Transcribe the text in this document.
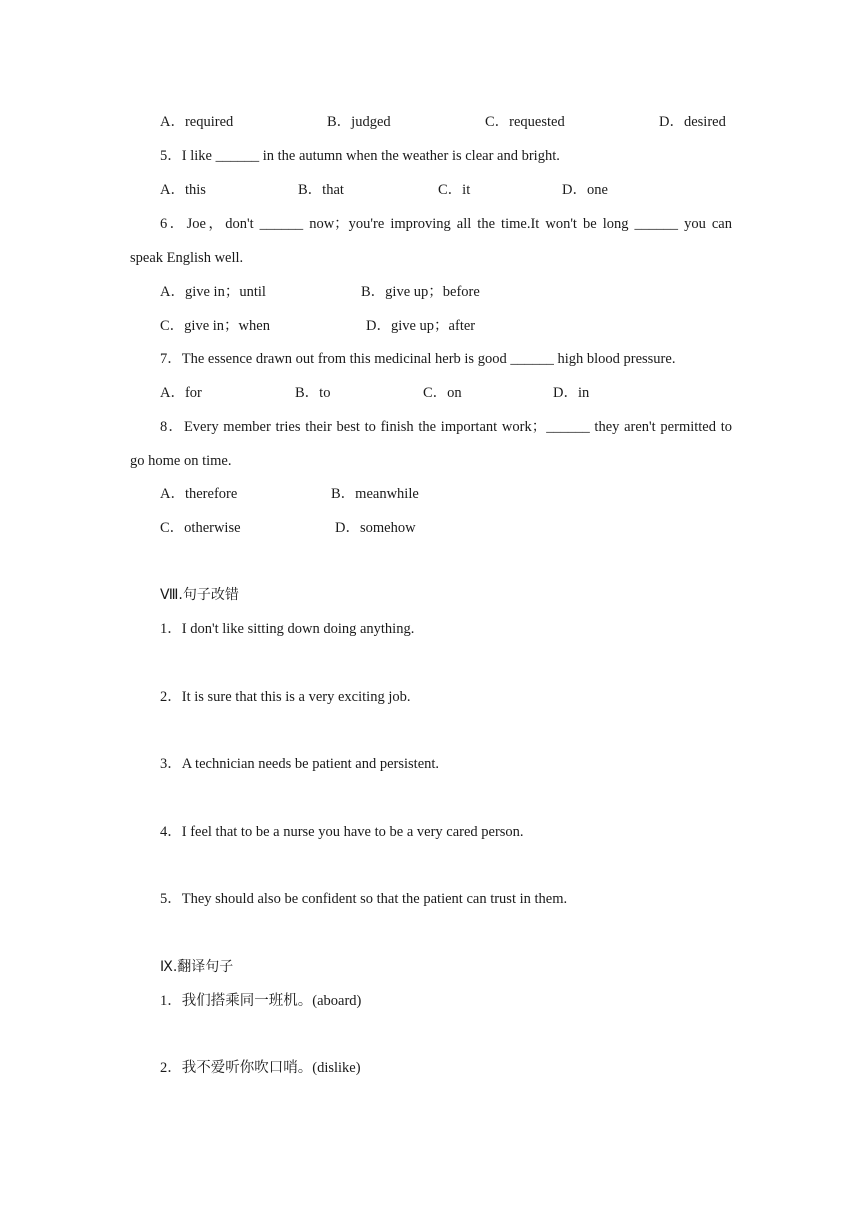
A．required	B．judged	C．requested	D．desired
5．I like ______ in the autumn when the weather is clear and bright.
A．this	B．that	C．it	D．one
6．Joe，don't ______ now；you're improving all the time.It won't be long ______ you can
speak English well.
A．give in；until	B．give up；before
C．give in；when	D．give up；after
7．The essence drawn out from this medicinal herb is good ______ high blood pressure.
A．for	B．to	C．on	D．in
8．Every member tries their best to finish the important work；______ they aren't permitted to
go home on time.
A．therefore	B．meanwhile
C．otherwise	D．somehow
Ⅷ.句子改错
1．I don't like sitting down doing anything.
2．It is sure that this is a very exciting job.
3．A technician needs be patient and persistent.
4．I feel that to be a nurse you have to be a very cared person.
5．They should also be confident so that the patient can trust in them.
Ⅸ.翻译句子
1．我们搭乘同一班机。(aboard)
2．我不爱听你吹口哨。(dislike)
